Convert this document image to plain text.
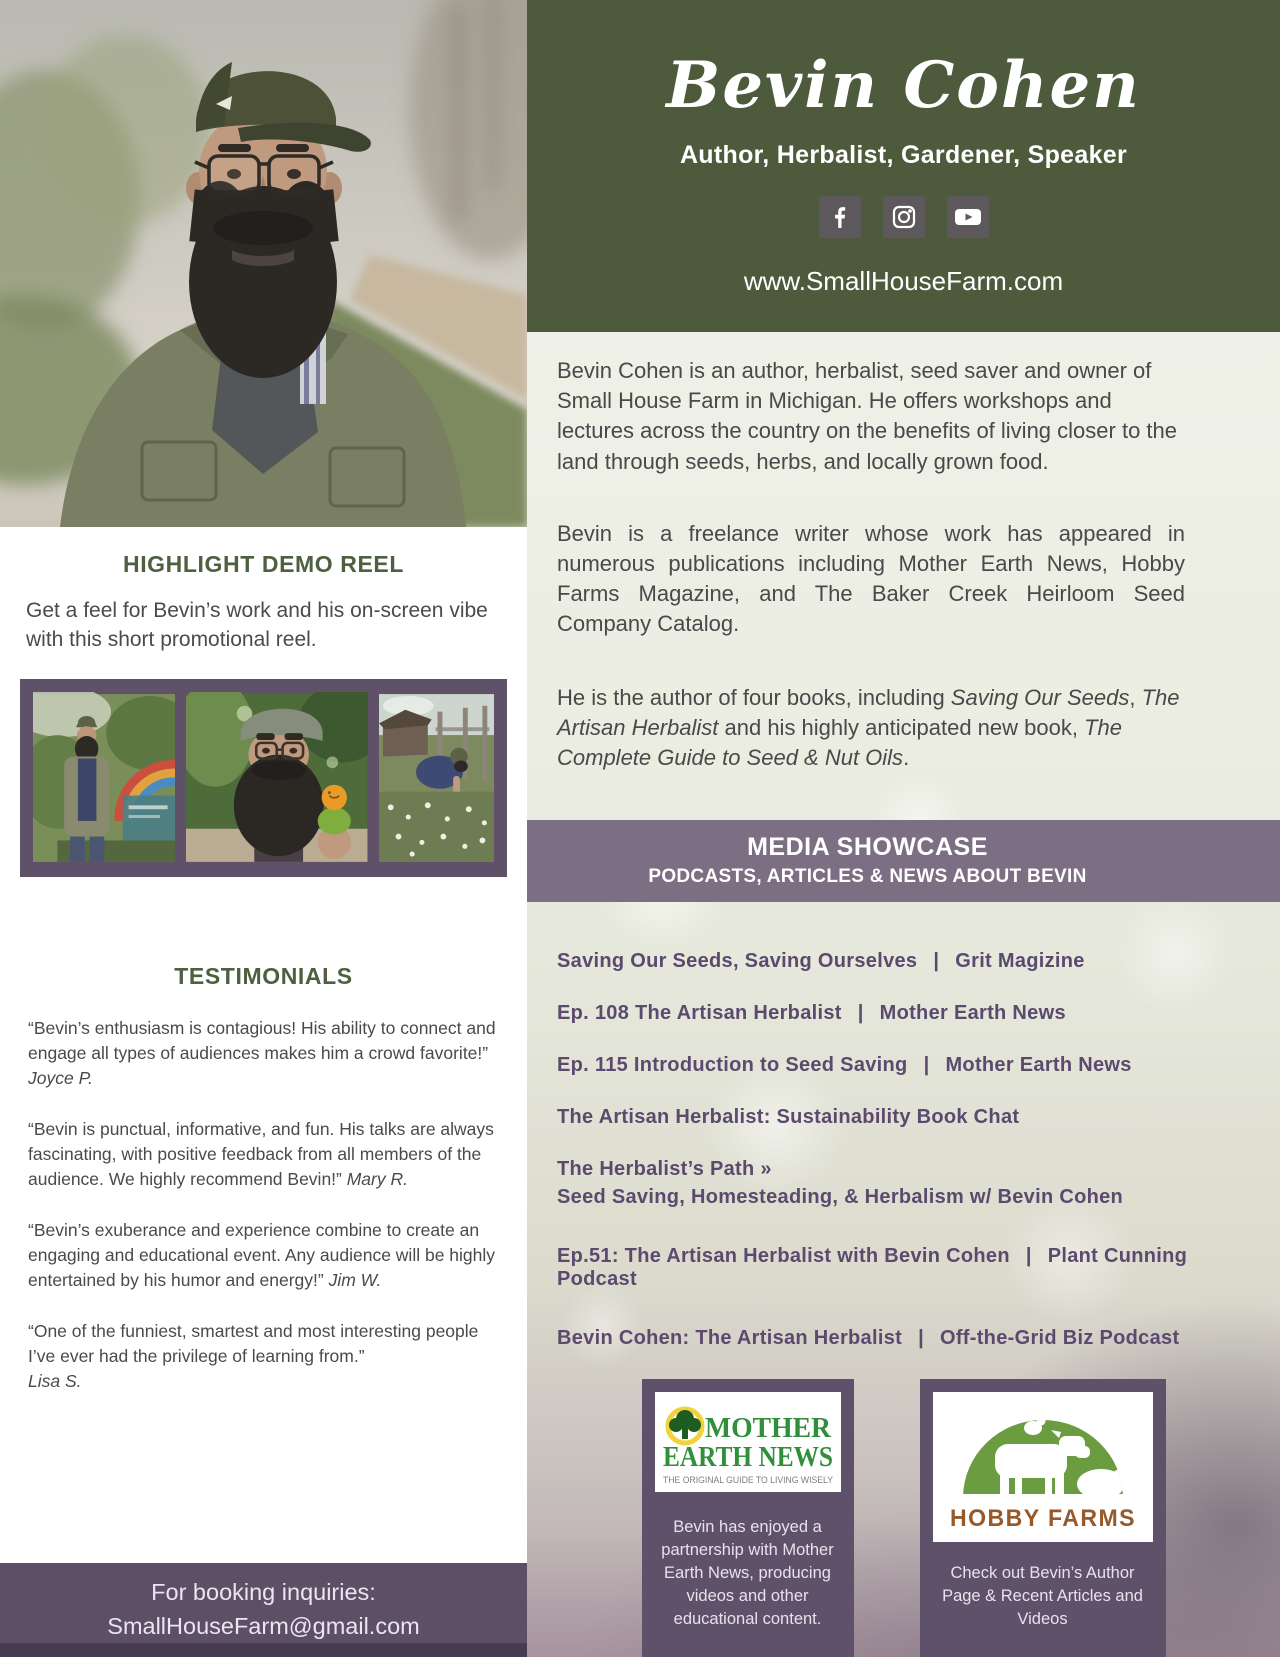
HIGHLIGHT DEMO REEL

Get a feel for Bevin’s work and his on-screen vibe with this short promotional reel.

TESTIMONIALS

“Bevin’s enthusiasm is contagious! His ability to connect and engage all types of audiences makes him a crowd favorite!” Joyce P.

“Bevin is punctual, informative, and fun. His talks are always fascinating, with positive feedback from all members of the audience. We highly recommend Bevin!” Mary R.

“Bevin’s exuberance and experience combine to create an engaging and educational event. Any audience will be highly entertained by his humor and energy!” Jim W.

“One of the funniest, smartest and most interesting people I’ve ever had the privilege of learning from.”
Lisa S.

For booking inquiries:
SmallHouseFarm@gmail.com
Bevin Cohen
Author, Herbalist, Gardener, Speaker
www.SmallHouseFarm.com

Bevin Cohen is an author, herbalist, seed saver and owner of Small House Farm in Michigan. He offers workshops and lectures across the country on the benefits of living closer to the land through seeds, herbs, and locally grown food.

Bevin is a freelance writer whose work has appeared in numerous publications including Mother Earth News, Hobby Farms Magazine, and The Baker Creek Heirloom Seed Company Catalog.

He is the author of four books, including Saving Our Seeds, The Artisan Herbalist and his highly anticipated new book, The Complete Guide to Seed & Nut Oils.

MEDIA SHOWCASE
PODCASTS, ARTICLES & NEWS ABOUT BEVIN
Saving Our Seeds, Saving Ourselves | Grit Magizine
Ep. 108 The Artisan Herbalist | Mother Earth News
Ep. 115 Introduction to Seed Saving | Mother Earth News
The Artisan Herbalist: Sustainability Book Chat
The Herbalist’s Path »
Seed Saving, Homesteading, & Herbalism w/ Bevin Cohen
Ep.51: The Artisan Herbalist with Bevin Cohen | Plant Cunning Podcast
Bevin Cohen: The Artisan Herbalist | Off-the-Grid Biz Podcast
MOTHER
EARTH NEWS
THE ORIGINAL GUIDE TO LIVING WISELY
Bevin has enjoyed a partnership with Mother Earth News, producing videos and other educational content.
HOBBY FARMS
Check out Bevin’s Author Page & Recent Articles and Videos
